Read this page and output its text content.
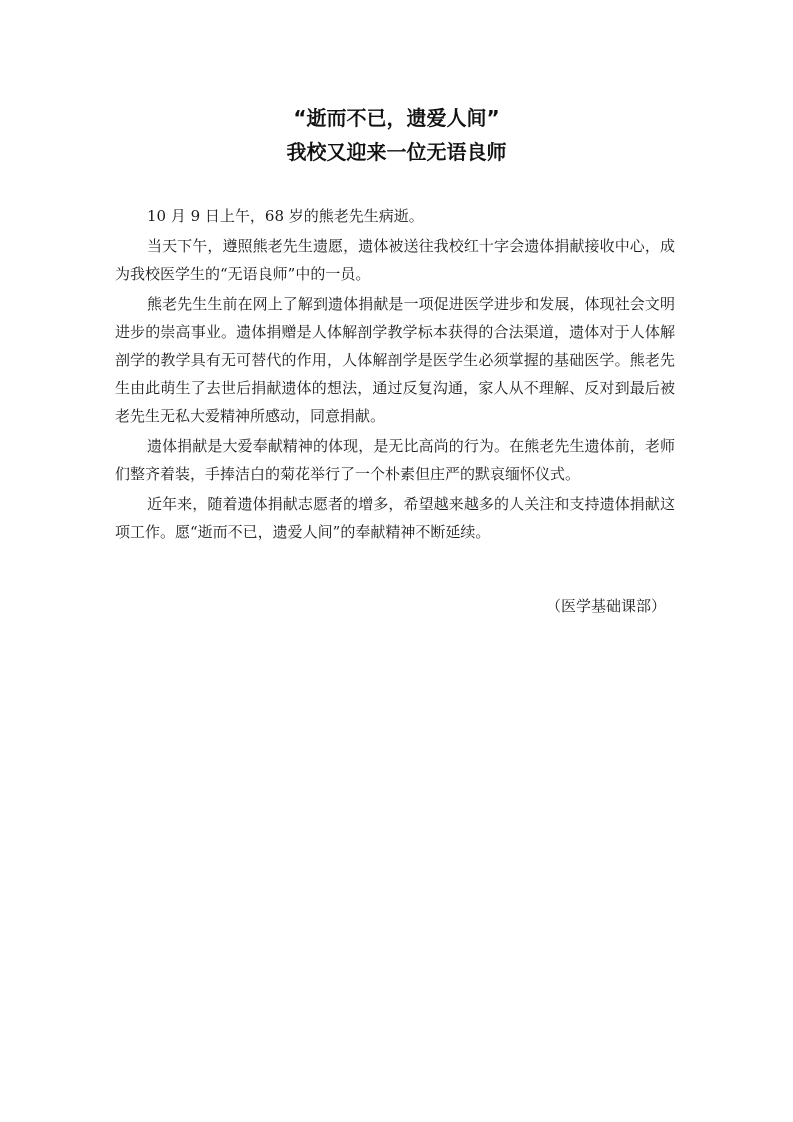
“逝而不已，遗爱人间”
我校又迎来一位无语良师

10 月 9 日上午，68 岁的熊老先生病逝。

当天下午，遵照熊老先生遗愿，遗体被送往我校红十字会遗体捐献接收中心，成为我校医学生的“无语良师”中的一员。

熊老先生生前在网上了解到遗体捐献是一项促进医学进步和发展，体现社会文明进步的崇高事业。遗体捐赠是人体解剖学教学标本获得的合法渠道，遗体对于人体解剖学的教学具有无可替代的作用，人体解剖学是医学生必须掌握的基础医学。熊老先生由此萌生了去世后捐献遗体的想法，通过反复沟通，家人从不理解、反对到最后被老先生无私大爱精神所感动，同意捐献。

遗体捐献是大爱奉献精神的体现，是无比高尚的行为。在熊老先生遗体前，老师们整齐着装，手捧洁白的菊花举行了一个朴素但庄严的默哀缅怀仪式。

近年来，随着遗体捐献志愿者的增多，希望越来越多的人关注和支持遗体捐献这项工作。愿“逝而不已，遗爱人间”的奉献精神不断延续。

（医学基础课部）
